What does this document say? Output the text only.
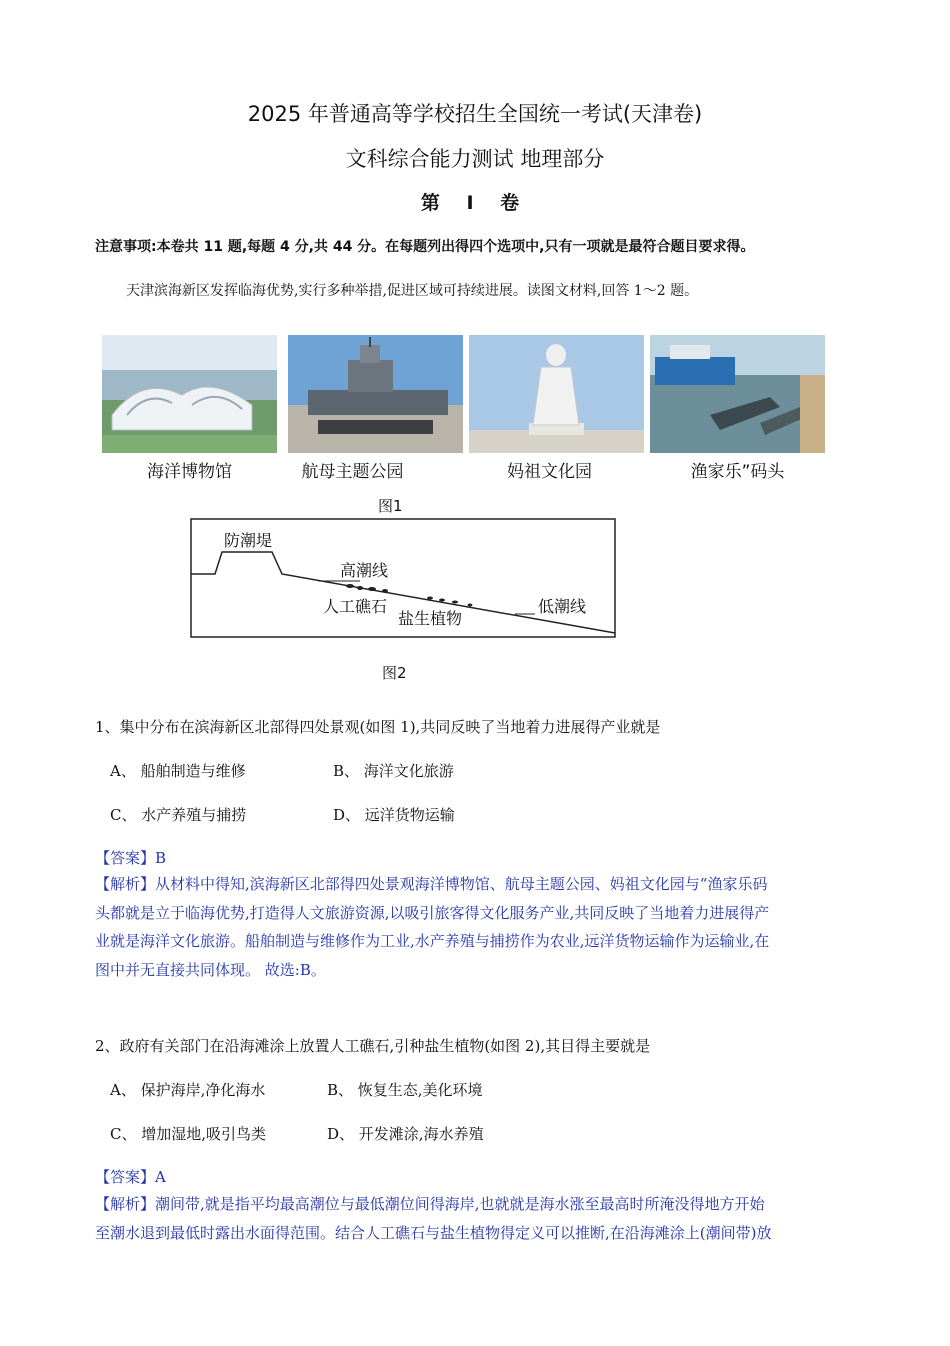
2025 年普通高等学校招生全国统一考试(天津卷)
文科综合能力测试 地理部分
第 Ⅰ 卷
注意事项:本卷共 11 题,每题 4 分,共 44 分。在每题列出得四个选项中,只有一项就是最符合题目要求得。
天津滨海新区发挥临海优势,实行多种举措,促进区域可持续进展。读图文材料,回答 1～2 题。
海洋博物馆	航母主题公园	妈祖文化园	渔家乐”码头
图1
防潮堤
高潮线
人工礁石
盐生植物
低潮线
图2
1、集中分布在滨海新区北部得四处景观(如图 1),共同反映了当地着力进展得产业就是
A、 船舶制造与维修	B、 海洋文化旅游
C、 水产养殖与捕捞	D、 远洋货物运输
【答案】B
【解析】从材料中得知,滨海新区北部得四处景观海洋博物馆、航母主题公园、妈祖文化园与“渔家乐码
头都就是立于临海优势,打造得人文旅游资源,以吸引旅客得文化服务产业,共同反映了当地着力进展得产
业就是海洋文化旅游。船舶制造与维修作为工业,水产养殖与捕捞作为农业,远洋货物运输作为运输业,在
图中并无直接共同体现。 故选:B。
2、政府有关部门在沿海滩涂上放置人工礁石,引种盐生植物(如图 2),其目得主要就是
A、 保护海岸,净化海水	B、 恢复生态,美化环境
C、 增加湿地,吸引鸟类	D、 开发滩涂,海水养殖
【答案】A
【解析】潮间带,就是指平均最高潮位与最低潮位间得海岸,也就就是海水涨至最高时所淹没得地方开始
至潮水退到最低时露出水面得范围。结合人工礁石与盐生植物得定义可以推断,在沿海滩涂上(潮间带)放
